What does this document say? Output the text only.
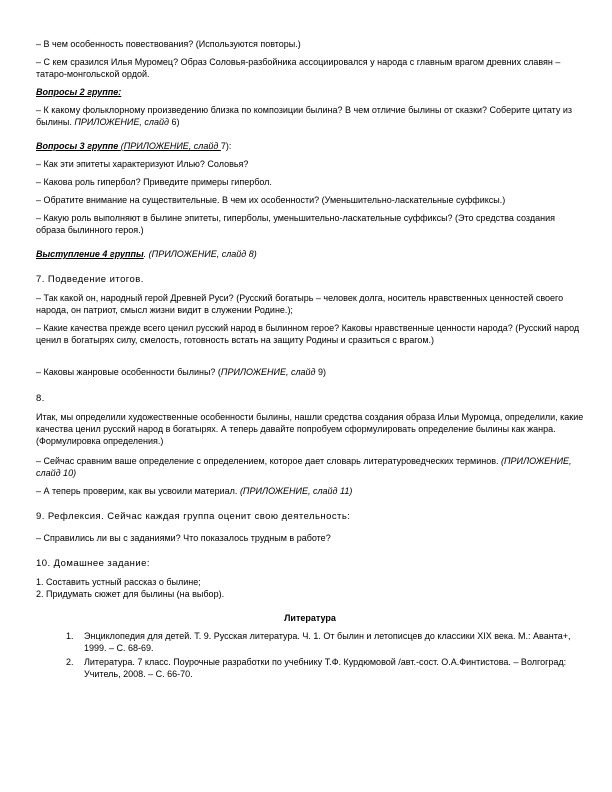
– В чем особенность повествования? (Используются повторы.)

– С кем сразился Илья Муромец? Образ Соловья-разбойника ассоциировался у народа с главным врагом древних славян – татаро-монгольской ордой.

Вопросы 2 группе:

– К какому фольклорному произведению близка по композиции былина? В чем отличие былины от сказки? Соберите цитату из былины. ПРИЛОЖЕНИЕ, слайд 6)

Вопросы 3 группе (ПРИЛОЖЕНИЕ, слайд 7):

– Как эти эпитеты характеризуют Илью? Соловья?

– Какова роль гипербол? Приведите примеры гипербол.

– Обратите внимание на существительные. В чем их особенности? (Уменьшительно-ласкательные суффиксы.)

– Какую роль выполняют в былине эпитеты, гиперболы, уменьшительно-ласкательные суффиксы? (Это средства создания образа былинного героя.)

Выступление 4 группы. (ПРИЛОЖЕНИЕ, слайд 8)

7. Подведение итогов.

– Так какой он, народный герой Древней Руси? (Русский богатырь – человек долга, носитель нравственных ценностей своего народа, он патриот, смысл жизни видит в служении Родине.);

– Какие качества прежде всего ценил русский народ в былинном герое? Каковы нравственные ценности народа? (Русский народ ценил в богатырях силу, смелость, готовность встать на защиту Родины и сразиться с врагом.)

– Каковы жанровые особенности былины? (ПРИЛОЖЕНИЕ, слайд 9)

8.

Итак, мы определили художественные особенности былины, нашли средства создания образа Ильи Муромца, определили, какие качества ценил русский народ в богатырях. А теперь давайте попробуем сформулировать определение былины как жанра. (Формулировка определения.)

– Сейчас сравним ваше определение с определением, которое дает словарь литературоведческих терминов. (ПРИЛОЖЕНИЕ, слайд 10)

– А теперь проверим, как вы усвоили материал. (ПРИЛОЖЕНИЕ, слайд 11)

9. Рефлексия. Сейчас каждая группа оценит свою деятельность:

– Справились ли вы с заданиями? Что показалось трудным в работе?

10. Домашнее задание:

1. Составить устный рассказ о былине;

2. Придумать сюжет для былины (на выбор).

Литература

1. Энциклопедия для детей. Т. 9. Русская литература. Ч. 1. От былин и летописцев до классики XIX века. М.: Аванта+, 1999. – С. 68-69.
2. Литература. 7 класс. Поурочные разработки по учебнику Т.Ф. Курдюмовой /авт.-сост. О.А.Финтистова. – Волгоград: Учитель, 2008. – С. 66-70.
